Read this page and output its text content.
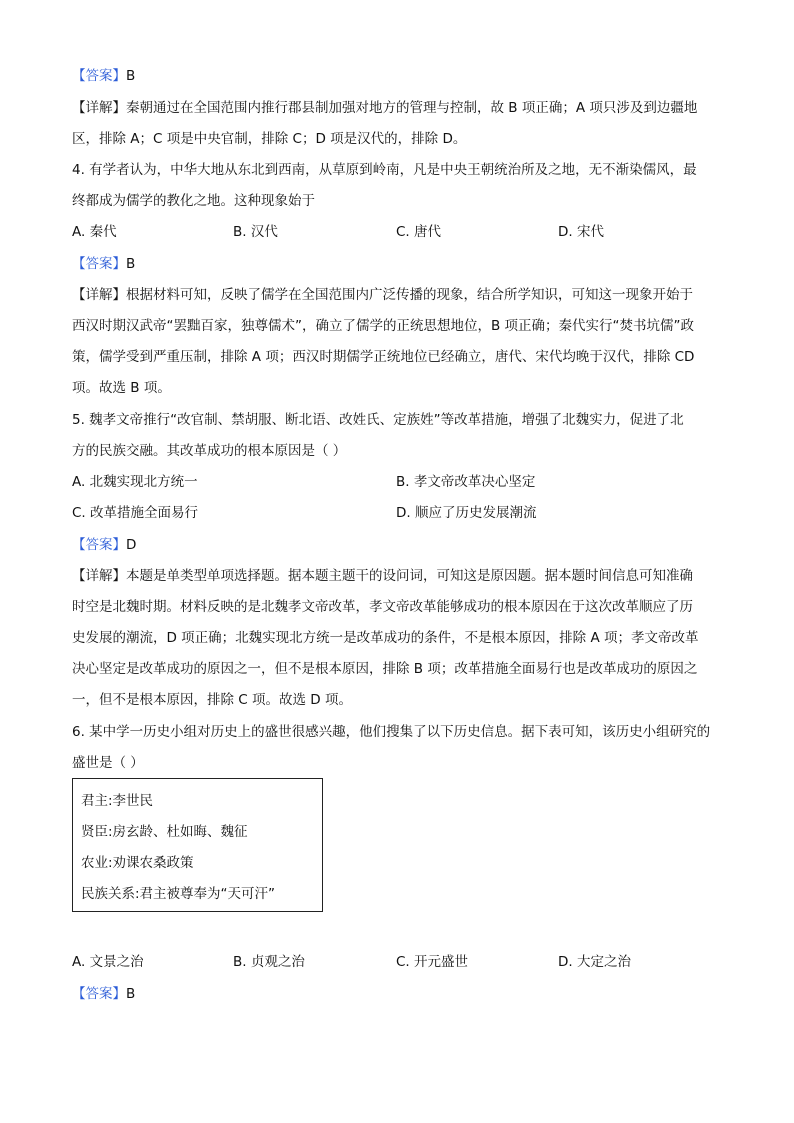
【答案】B
【详解】秦朝通过在全国范围内推行郡县制加强对地方的管理与控制，故 B 项正确；A 项只涉及到边疆地
区，排除 A；C 项是中央官制，排除 C；D 项是汉代的，排除 D。
4. 有学者认为，中华大地从东北到西南，从草原到岭南，凡是中央王朝统治所及之地，无不渐染儒风，最
终都成为儒学的教化之地。这种现象始于
A. 秦代	B. 汉代	C. 唐代	D. 宋代
【答案】B
【详解】根据材料可知，反映了儒学在全国范围内广泛传播的现象，结合所学知识，可知这一现象开始于
西汉时期汉武帝“罢黜百家，独尊儒术”，确立了儒学的正统思想地位，B 项正确；秦代实行“焚书坑儒”政
策，儒学受到严重压制，排除 A 项；西汉时期儒学正统地位已经确立，唐代、宋代均晚于汉代，排除 CD
项。故选 B 项。
5. 魏孝文帝推行“改官制、禁胡服、断北语、改姓氏、定族姓”等改革措施，增强了北魏实力，促进了北
方的民族交融。其改革成功的根本原因是（ ）
A. 北魏实现北方统一	B. 孝文帝改革决心坚定
C. 改革措施全面易行	D. 顺应了历史发展潮流
【答案】D
【详解】本题是单类型单项选择题。据本题主题干的设问词，可知这是原因题。据本题时间信息可知准确
时空是北魏时期。材料反映的是北魏孝文帝改革，孝文帝改革能够成功的根本原因在于这次改革顺应了历
史发展的潮流，D 项正确；北魏实现北方统一是改革成功的条件，不是根本原因，排除 A 项；孝文帝改革
决心坚定是改革成功的原因之一，但不是根本原因，排除 B 项；改革措施全面易行也是改革成功的原因之
一，但不是根本原因，排除 C 项。故选 D 项。
6. 某中学一历史小组对历史上的盛世很感兴趣，他们搜集了以下历史信息。据下表可知，该历史小组研究的
盛世是（ ）
君主:李世民
贤臣:房玄龄、杜如晦、魏征
农业:劝课农桑政策
民族关系:君主被尊奉为“天可汗”
A. 文景之治	B. 贞观之治	C. 开元盛世	D. 大定之治
【答案】B
